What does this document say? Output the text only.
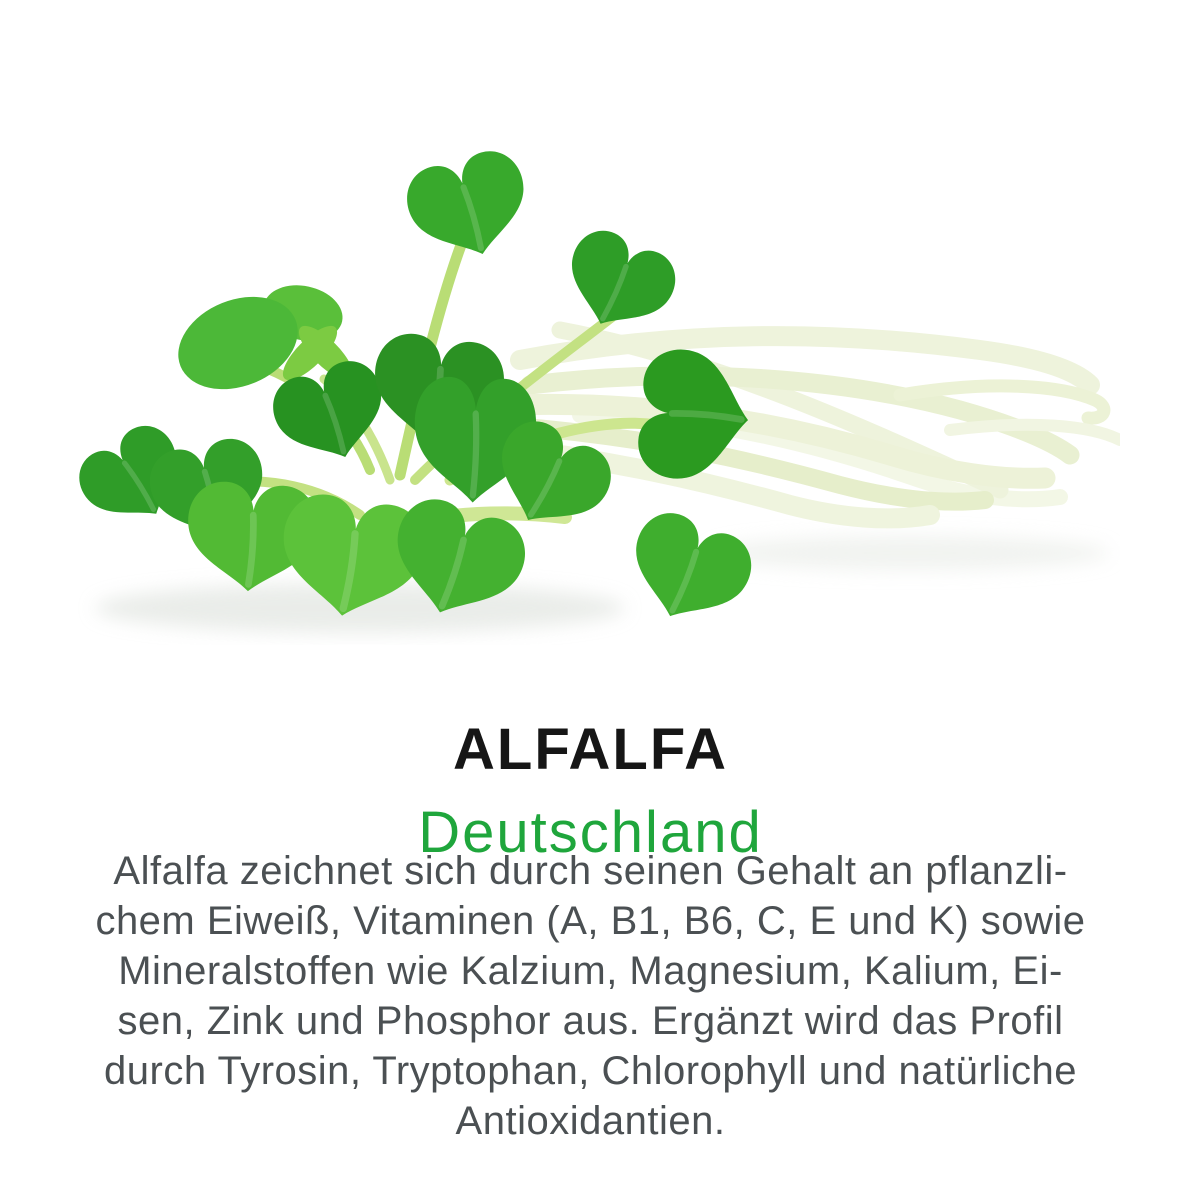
ALFALFA
Deutschland
Alfalfa zeichnet sich durch seinen Gehalt an pflanzli-
chem Eiweiß, Vitaminen (A, B1, B6, C, E und K) sowie
Mineralstoffen wie Kalzium, Magnesium, Kalium, Ei-
sen, Zink und Phosphor aus. Ergänzt wird das Profil
durch Tyrosin, Tryptophan, Chlorophyll und natürliche
Antioxidantien.
